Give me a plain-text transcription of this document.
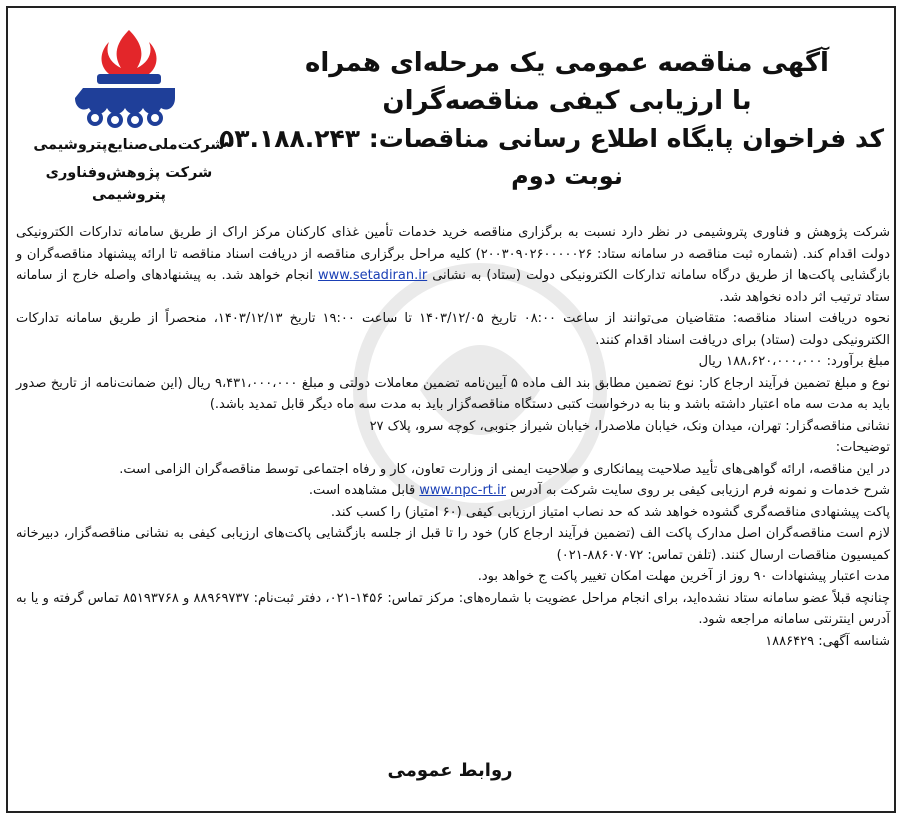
شرکت‌ملی‌صنایع‌پتروشیمی
شرکت پژوهش‌وفناوری پتروشیمی
آگهی مناقصه عمومی یک مرحله‌ای همراه
با ارزیابی کیفی مناقصه‌گران
کد فراخوان پایگاه اطلاع رسانی مناقصات: ۵۳.۱۸۸.۲۴۳
نوبت دوم

شرکت پژوهش و فناوری پتروشیمی در نظر دارد نسبت به برگزاری مناقصه خرید خدمات تأمین غذای کارکنان مرکز اراک از طریق سامانه تدارکات الکترونیکی دولت اقدام کند. (شماره ثبت مناقصه در سامانه ستاد: ۲۰۰۳۰۹۰۲۶۰۰۰۰۰۲۶) کلیه مراحل برگزاری مناقصه از دریافت اسناد مناقصه تا ارائه پیشنهاد مناقصه‌گران و بازگشایی پاکت‌ها از طریق درگاه سامانه تدارکات الکترونیکی دولت (ستاد) به نشانی www.setadiran.ir انجام خواهد شد. به پیشنهادهای واصله خارج از سامانه ستاد ترتیب اثر داده نخواهد شد.

نحوه دریافت اسناد مناقصه: متقاضیان می‌توانند از ساعت ۰۸:۰۰ تاریخ ۱۴۰۳/۱۲/۰۵ تا ساعت ۱۹:۰۰ تاریخ ۱۴۰۳/۱۲/۱۳، منحصراً از طریق سامانه تدارکات الکترونیکی دولت (ستاد) برای دریافت اسناد اقدام کنند.

مبلغ برآورد: ۱۸۸،۶۲۰،۰۰۰،۰۰۰ ریال

نوع و مبلغ تضمین فرآیند ارجاع کار: نوع تضمین مطابق بند الف ماده ۵ آیین‌نامه تضمین معاملات دولتی و مبلغ ۹،۴۳۱،۰۰۰،۰۰۰ ریال (این ضمانت‌نامه از تاریخ صدور باید به مدت سه ماه اعتبار داشته باشد و بنا به درخواست کتبی دستگاه مناقصه‌گزار باید به مدت سه ماه دیگر قابل تمدید باشد.)

نشانی مناقصه‌گزار: تهران، میدان ونک، خیابان ملاصدرا، خیابان شیراز جنوبی، کوچه سرو، پلاک ۲۷

توضیحات:

در این مناقصه، ارائه گواهی‌های تأیید صلاحیت پیمانکاری و صلاحیت ایمنی از وزارت تعاون، کار و رفاه اجتماعی توسط مناقصه‌گران الزامی است.

شرح خدمات و نمونه فرم ارزیابی کیفی بر روی سایت شرکت به آدرس www.npc-rt.ir قابل مشاهده است.

پاکت پیشنهادی مناقصه‌گری گشوده خواهد شد که حد نصاب امتیاز ارزیابی کیفی (۶۰ امتیاز) را کسب کند.

لازم است مناقصه‌گران اصل مدارک پاکت الف (تضمین فرآیند ارجاع کار) خود را تا قبل از جلسه بازگشایی پاکت‌های ارزیابی کیفی به نشانی مناقصه‌گزار، دبیرخانه کمیسیون مناقصات ارسال کنند. (تلفن تماس: ۸۸۶۰۷۰۷۲-۰۲۱)

مدت اعتبار پیشنهادات ۹۰ روز از آخرین مهلت امکان تغییر پاکت ج خواهد بود.

چنانچه قبلاً عضو سامانه ستاد نشده‌اید، برای انجام مراحل عضویت با شماره‌های: مرکز تماس: ۱۴۵۶-۰۲۱، دفتر ثبت‌نام: ۸۸۹۶۹۷۳۷ و ۸۵۱۹۳۷۶۸ تماس گرفته و یا به آدرس اینترنتی سامانه مراجعه شود.

شناسه آگهی: ۱۸۸۶۴۲۹

روابط عمومی
